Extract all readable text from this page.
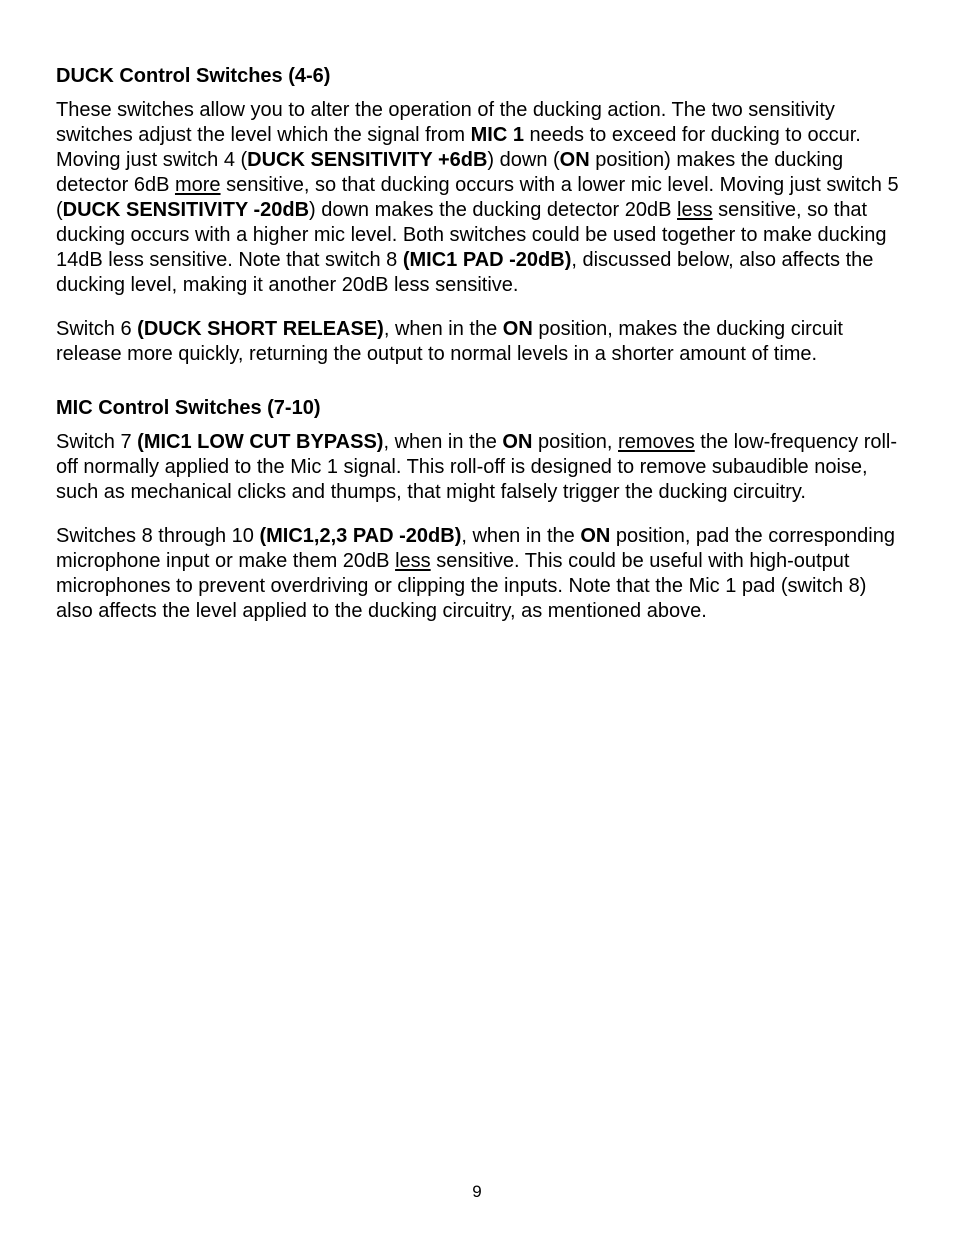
DUCK Control Switches (4-6)

These switches allow you to alter the operation of the ducking action. The two sensitivity switches adjust the level which the signal from MIC 1 needs to exceed for ducking to occur. Moving just switch 4 (DUCK SENSITIVITY +6dB) down (ON position) makes the ducking detector 6dB more sensitive, so that ducking occurs with a lower mic level. Moving just switch 5 (DUCK SENSITIVITY -20dB) down makes the ducking detector 20dB less sensitive, so that ducking occurs with a higher mic level. Both switches could be used together to make ducking 14dB less sensitive. Note that switch 8 (MIC1 PAD -20dB), discussed below, also affects the ducking level, making it another 20dB less sensitive.

Switch 6 (DUCK SHORT RELEASE), when in the ON position, makes the ducking circuit release more quickly, returning the output to normal levels in a shorter amount of time.

MIC Control Switches (7-10)

Switch 7 (MIC1 LOW CUT BYPASS), when in the ON position, removes the low-frequency roll-off normally applied to the Mic 1 signal. This roll-off is designed to remove subaudible noise, such as mechanical clicks and thumps, that might falsely trigger the ducking circuitry.

Switches 8 through 10 (MIC1,2,3 PAD -20dB), when in the ON position, pad the corresponding microphone input or make them 20dB less sensitive. This could be useful with high-output microphones to prevent overdriving or clipping the inputs. Note that the Mic 1 pad (switch 8) also affects the level applied to the ducking circuitry, as mentioned above.

9
